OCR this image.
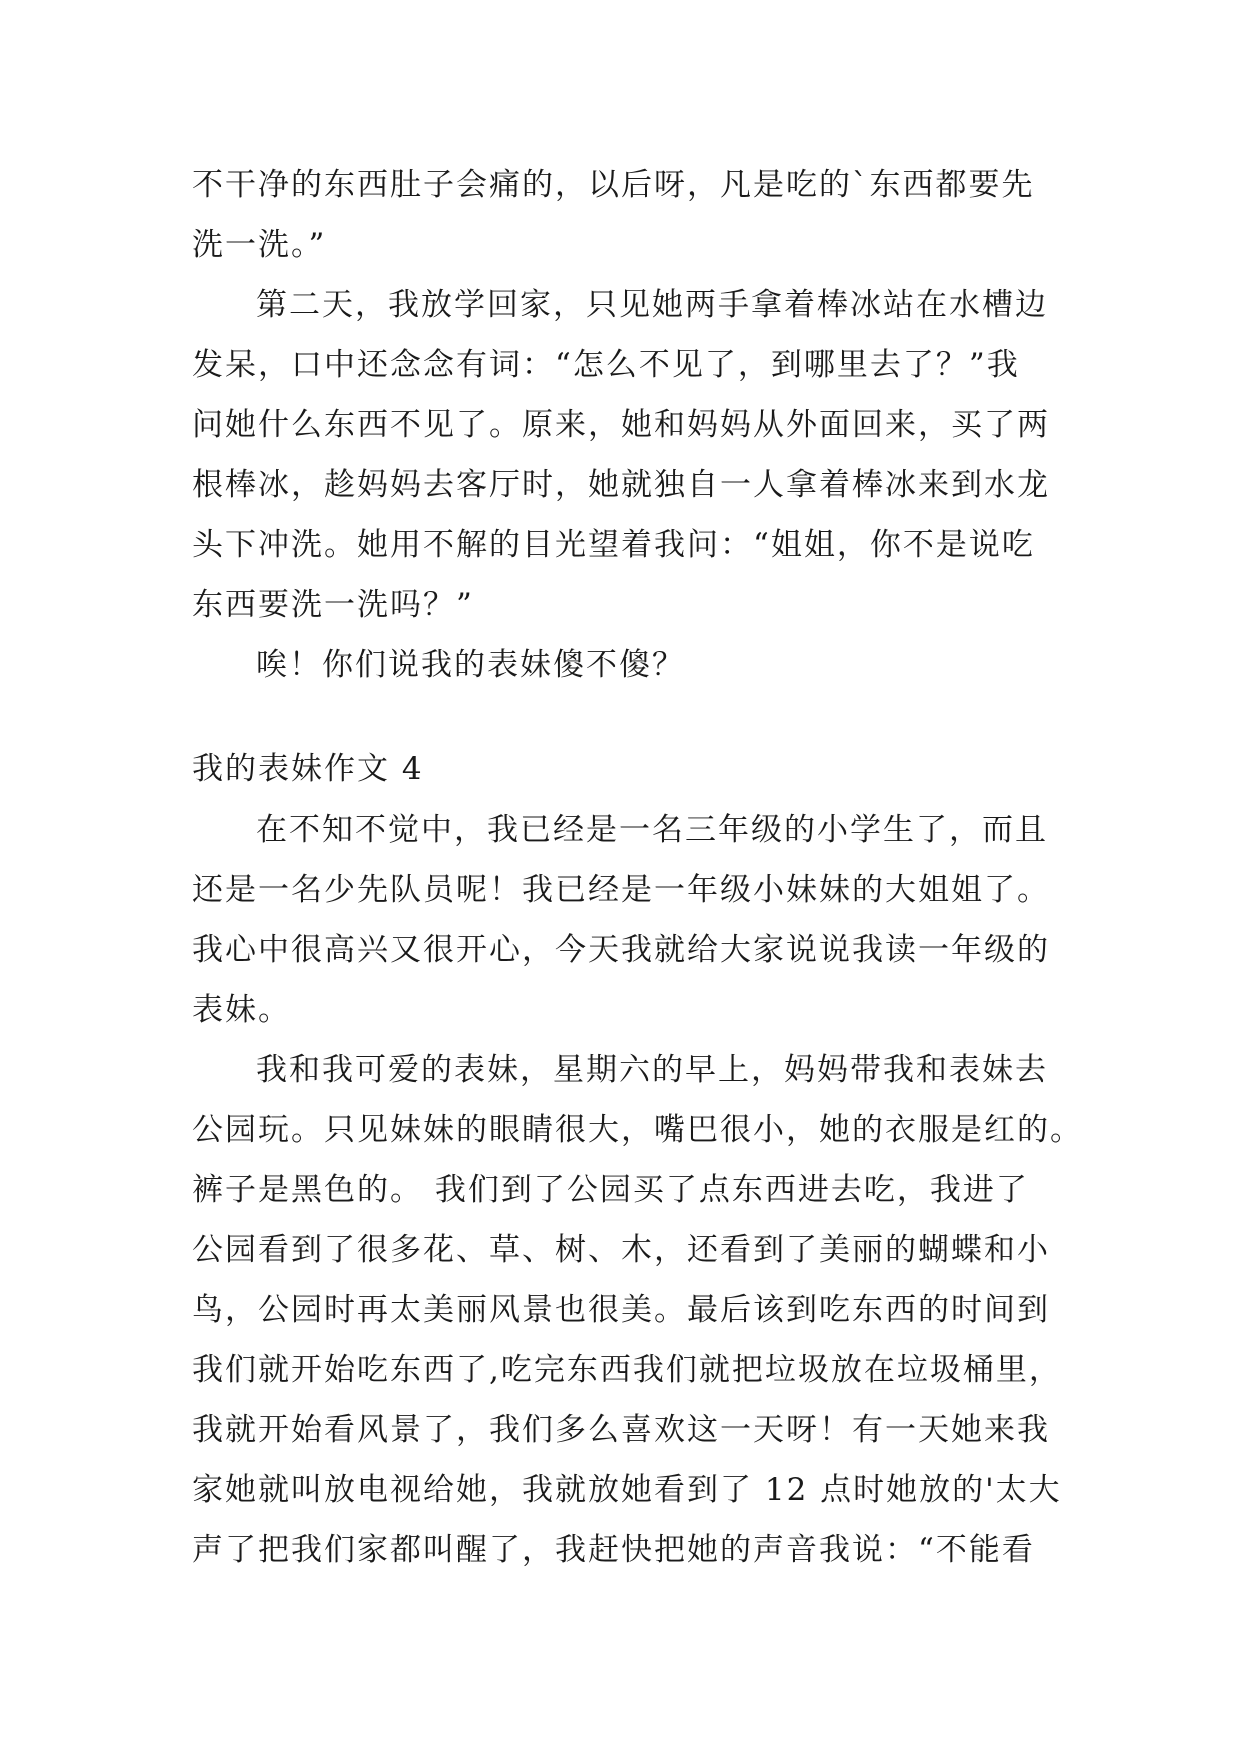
不干净的东西肚子会痛的，以后呀，凡是吃的`东西都要先
洗一洗。”
第二天，我放学回家，只见她两手拿着棒冰站在水槽边
发呆，口中还念念有词：“怎么不见了，到哪里去了？”我
问她什么东西不见了。原来，她和妈妈从外面回来，买了两
根棒冰，趁妈妈去客厅时，她就独自一人拿着棒冰来到水龙
头下冲洗。她用不解的目光望着我问：“姐姐，你不是说吃
东西要洗一洗吗？”
唉！你们说我的表妹傻不傻？
我的表妹作文 4
在不知不觉中，我已经是一名三年级的小学生了，而且
还是一名少先队员呢！我已经是一年级小妹妹的大姐姐了。
我心中很高兴又很开心，今天我就给大家说说我读一年级的
表妹。
我和我可爱的表妹，星期六的早上，妈妈带我和表妹去
公园玩。只见妹妹的眼睛很大，嘴巴很小，她的衣服是红的。
裤子是黑色的。 我们到了公园买了点东西进去吃，我进了
公园看到了很多花、草、树、木，还看到了美丽的蝴蝶和小
鸟，公园时再太美丽风景也很美。最后该到吃东西的时间到
我们就开始吃东西了,吃完东西我们就把垃圾放在垃圾桶里，
我就开始看风景了，我们多么喜欢这一天呀！有一天她来我
家她就叫放电视给她，我就放她看到了 12 点时她放的'太大
声了把我们家都叫醒了，我赶快把她的声音我说：“不能看
